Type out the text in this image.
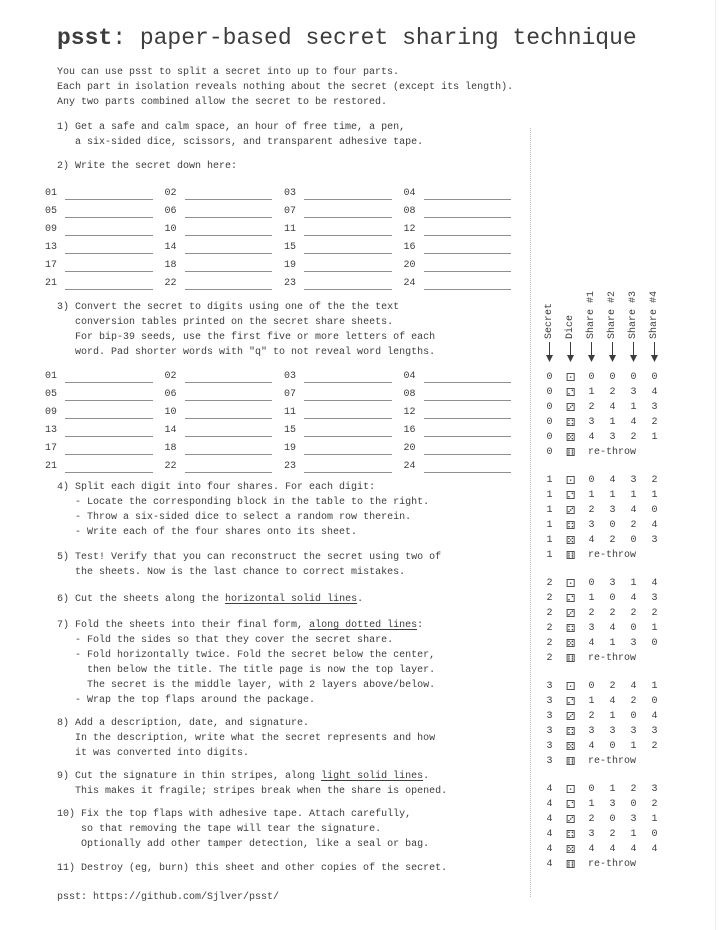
psst: paper-based secret sharing technique
You can use psst to split a secret into up to four parts.
Each part in isolation reveals nothing about the secret (except its length).
Any two parts combined allow the secret to be restored.
1) Get a safe and calm space, an hour of free time, a pen,
a six-sided dice, scissors, and transparent adhesive tape.
2) Write the secret down here:
01	02	03	04
05	06	07	08
09	10	11	12
13	14	15	16
17	18	19	20
21	22	23	24
3) Convert the secret to digits using one of the the text
conversion tables printed on the secret share sheets.
For bip-39 seeds, use the first five or more letters of each
word. Pad shorter words with "q" to not reveal word lengths.
01	02	03	04
05	06	07	08
09	10	11	12
13	14	15	16
17	18	19	20
21	22	23	24
4) Split each digit into four shares. For each digit:
- Locate the corresponding block in the table to the right.
- Throw a six-sided dice to select a random row therein.
- Write each of the four shares onto its sheet.
5) Test! Verify that you can reconstruct the secret using two of
the sheets. Now is the last chance to correct mistakes.
6) Cut the sheets along the horizontal solid lines.
7) Fold the sheets into their final form, along dotted lines:
- Fold the sides so that they cover the secret share.
- Fold horizontally twice. Fold the secret below the center,
then below the title. The title page is now the top layer.
The secret is the middle layer, with 2 layers above/below.
- Wrap the top flaps around the package.
8) Add a description, date, and signature.
In the description, write what the secret represents and how
it was converted into digits.
9) Cut the signature in thin stripes, along light solid lines.
This makes it fragile; stripes break when the share is opened.
10) Fix the top flaps with adhesive tape. Attach carefully,
so that removing the tape will tear the signature.
Optionally add other tamper detection, like a seal or bag.
11) Destroy (eg, burn) this sheet and other copies of the secret.
psst: https://github.com/Sjlver/psst/
Secret Dice Share #1 Share #2 Share #3 Share #4
0 ⚀ 0 0 0 0
0 ⚁ 1 2 3 4
0 ⚂ 2 4 1 3
0 ⚃ 3 1 4 2
0 ⚄ 4 3 2 1
0 ⚅	re-throw
1 ⚀ 0 4 3 2
1 ⚁ 1 1 1 1
1 ⚂ 2 3 4 0
1 ⚃ 3 0 2 4
1 ⚄ 4 2 0 3
1 ⚅	re-throw
2 ⚀ 0 3 1 4
2 ⚁ 1 0 4 3
2 ⚂ 2 2 2 2
2 ⚃ 3 4 0 1
2 ⚄ 4 1 3 0
2 ⚅	re-throw
3 ⚀ 0 2 4 1
3 ⚁ 1 4 2 0
3 ⚂ 2 1 0 4
3 ⚃ 3 3 3 3
3 ⚄ 4 0 1 2
3 ⚅	re-throw
4 ⚀ 0 1 2 3
4 ⚁ 1 3 0 2
4 ⚂ 2 0 3 1
4 ⚃ 3 2 1 0
4 ⚄ 4 4 4 4
4 ⚅	re-throw
